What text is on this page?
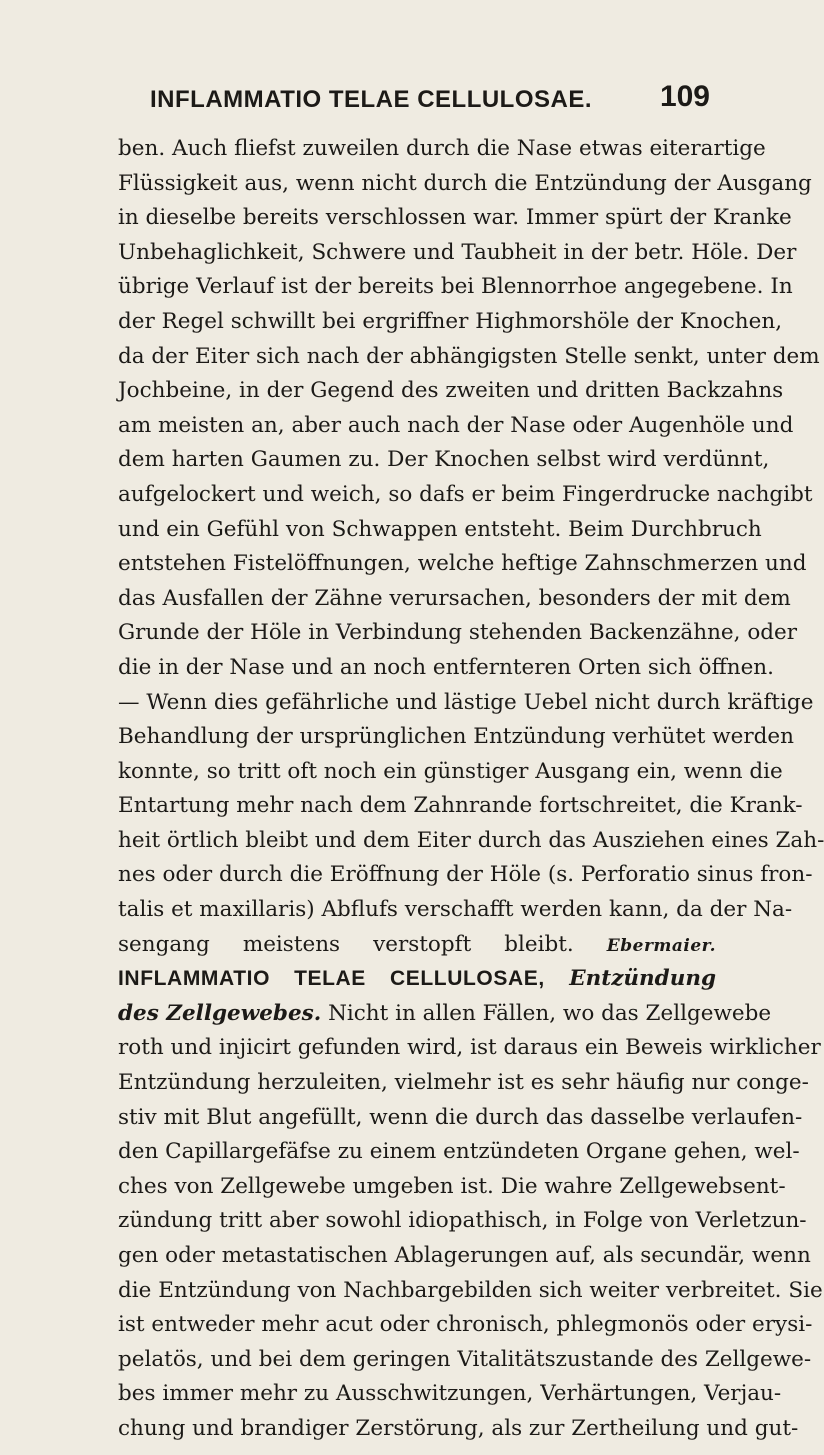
INFLAMMATIO TELAE CELLULOSAE. 109
ben. Auch fliefst zuweilen durch die Nase etwas eiterartige
Flüssigkeit aus, wenn nicht durch die Entzündung der Ausgang
in dieselbe bereits verschlossen war. Immer spürt der Kranke
Unbehaglichkeit, Schwere und Taubheit in der betr. Höle. Der
übrige Verlauf ist der bereits bei Blennorrhoe angegebene. In
der Regel schwillt bei ergriffner Highmorshöle der Knochen,
da der Eiter sich nach der abhängigsten Stelle senkt, unter dem
Jochbeine, in der Gegend des zweiten und dritten Backzahns
am meisten an, aber auch nach der Nase oder Augenhöle und
dem harten Gaumen zu. Der Knochen selbst wird verdünnt,
aufgelockert und weich, so dafs er beim Fingerdrucke nachgibt
und ein Gefühl von Schwappen entsteht. Beim Durchbruch
entstehen Fistelöffnungen, welche heftige Zahnschmerzen und
das Ausfallen der Zähne verursachen, besonders der mit dem
Grunde der Höle in Verbindung stehenden Backenzähne, oder
die in der Nase und an noch entfernteren Orten sich öffnen.
— Wenn dies gefährliche und lästige Uebel nicht durch kräftige
Behandlung der ursprünglichen Entzündung verhütet werden
konnte, so tritt oft noch ein günstiger Ausgang ein, wenn die
Entartung mehr nach dem Zahnrande fortschreitet, die Krank-
heit örtlich bleibt und dem Eiter durch das Ausziehen eines Zah-
nes oder durch die Eröffnung der Höle (s. Perforatio sinus fron-
talis et maxillaris) Abflufs verschafft werden kann, da der Na-
sengang meistens verstopft bleibt. Ebermaier.
INFLAMMATIO TELAE CELLULOSAE, Entzündung
des Zellgewebes. Nicht in allen Fällen, wo das Zellgewebe
roth und injicirt gefunden wird, ist daraus ein Beweis wirklicher
Entzündung herzuleiten, vielmehr ist es sehr häufig nur conge-
stiv mit Blut angefüllt, wenn die durch das dasselbe verlaufen-
den Capillargefäfse zu einem entzündeten Organe gehen, wel-
ches von Zellgewebe umgeben ist. Die wahre Zellgewebsent-
zündung tritt aber sowohl idiopathisch, in Folge von Verletzun-
gen oder metastatischen Ablagerungen auf, als secundär, wenn
die Entzündung von Nachbargebilden sich weiter verbreitet. Sie
ist entweder mehr acut oder chronisch, phlegmonös oder erysi-
pelatös, und bei dem geringen Vitalitätszustande des Zellgewe-
bes immer mehr zu Ausschwitzungen, Verhärtungen, Verjau-
chung und brandiger Zerstörung, als zur Zertheilung und gut-
